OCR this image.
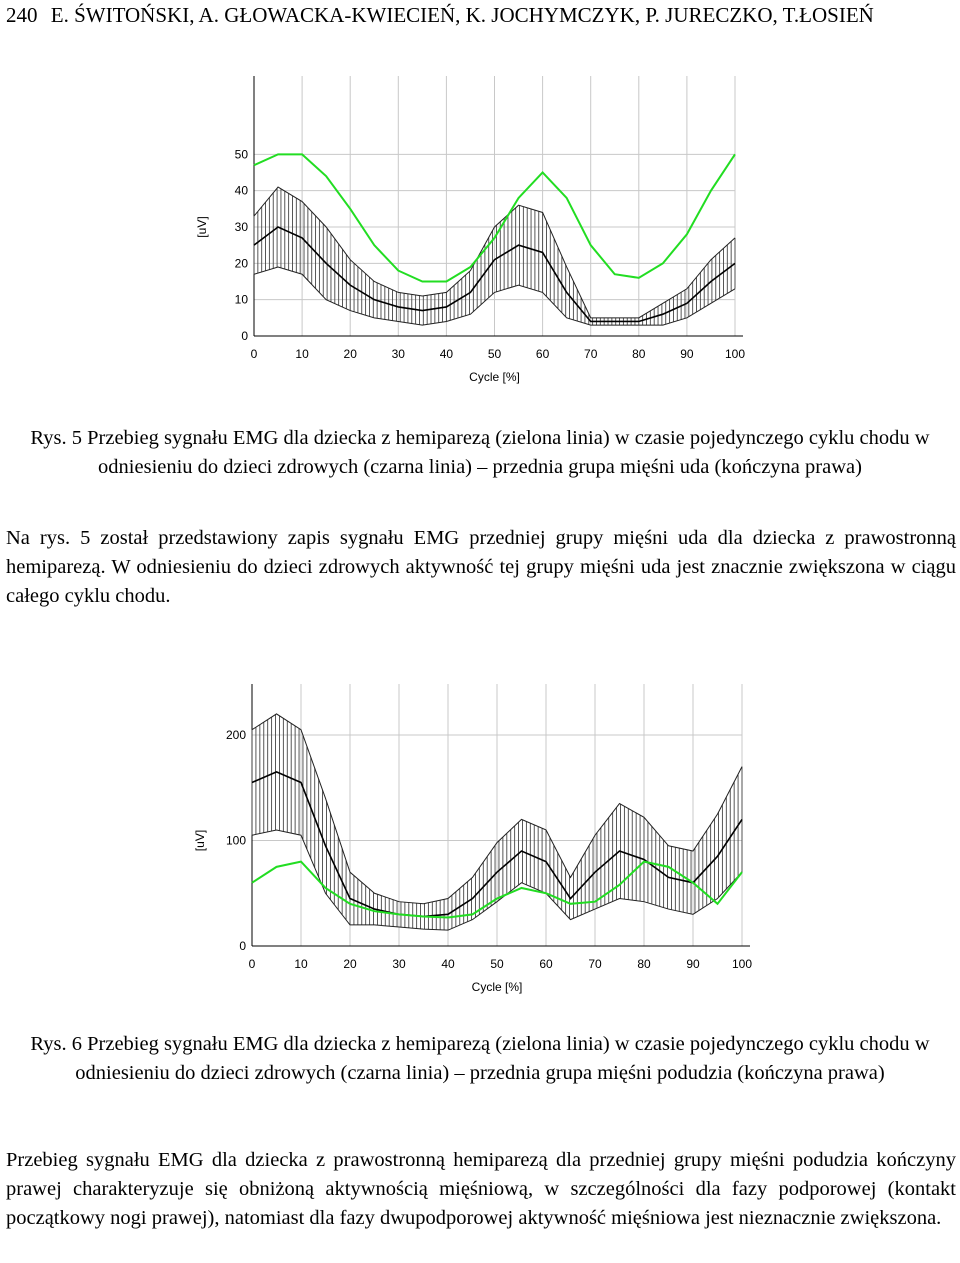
240 E. ŚWITOŃSKI, A. GŁOWACKA-KWIECIEŃ, K. JOCHYMCZYK, P. JURECZKO, T.ŁOSIEŃ
0	10	20	30	40	50	60	70	80	90	100
0
10
20
30
40
50
Cycle [%]
[uV]
Rys. 5 Przebieg sygnału EMG dla dziecka z hemiparezą (zielona linia) w czasie pojedynczego cyklu chodu w odniesieniu do dzieci zdrowych (czarna linia) – przednia grupa mięśni uda (kończyna prawa)
Na rys. 5 został przedstawiony zapis sygnału EMG przedniej grupy mięśni uda dla dziecka z prawostronną hemiparezą. W odniesieniu do dzieci zdrowych aktywność tej grupy mięśni uda jest znacznie zwiększona w ciągu całego cyklu chodu.
0	10	20	30	40	50	60	70	80	90	100
0
100
200
Cycle [%]
[uV]
Rys. 6 Przebieg sygnału EMG dla dziecka z hemiparezą (zielona linia) w czasie pojedynczego cyklu chodu w odniesieniu do dzieci zdrowych (czarna linia) – przednia grupa mięśni podudzia (kończyna prawa)
Przebieg sygnału EMG dla dziecka z prawostronną hemiparezą dla przedniej grupy mięśni podudzia kończyny prawej charakteryzuje się obniżoną aktywnością mięśniową, w szczególności dla fazy podporowej (kontakt początkowy nogi prawej), natomiast dla fazy dwupodporowej aktywność mięśniowa jest nieznacznie zwiększona.
